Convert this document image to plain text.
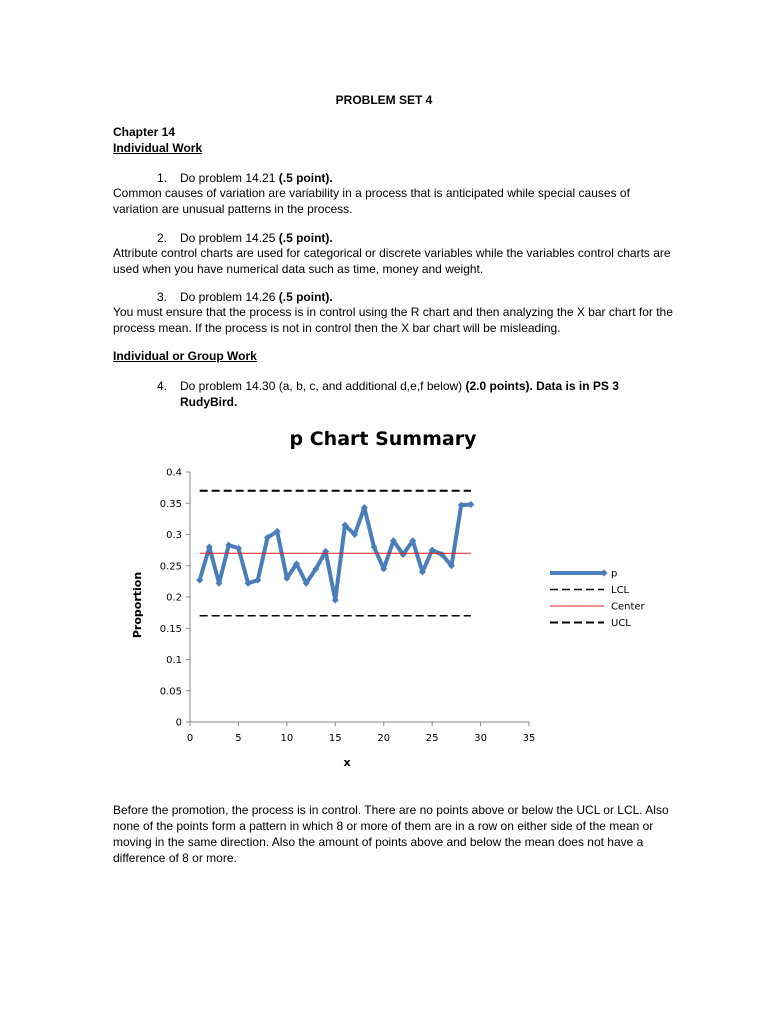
PROBLEM SET 4
Chapter 14
Individual Work
1. Do problem 14.21 (.5 point).
Common causes of variation are variability in a process that is anticipated while special causes of variation are unusual patterns in the process.
2. Do problem 14.25 (.5 point).
Attribute control charts are used for categorical or discrete variables while the variables control charts are used when you have numerical data such as time, money and weight.
3. Do problem 14.26 (.5 point).
You must ensure that the process is in control using the R chart and then analyzing the X bar chart for the process mean. If the process is not in control then the X bar chart will be misleading.
Individual or Group Work
4. Do problem 14.30 (a, b, c, and additional d,e,f below) (2.0 points). Data is in PS 3
RudyBird.
p Chart Summary
0
0.05
0.1
0.15
0.2
0.25
0.3
0.35
0.4
0	5	10	15	20	25	30	35
x
Proportion	p
LCL
Center
UCL
Before the promotion, the process is in control. There are no points above or below the UCL or LCL. Also none of the points form a pattern in which 8 or more of them are in a row on either side of the mean or moving in the same direction. Also the amount of points above and below the mean does not have a difference of 8 or more.
